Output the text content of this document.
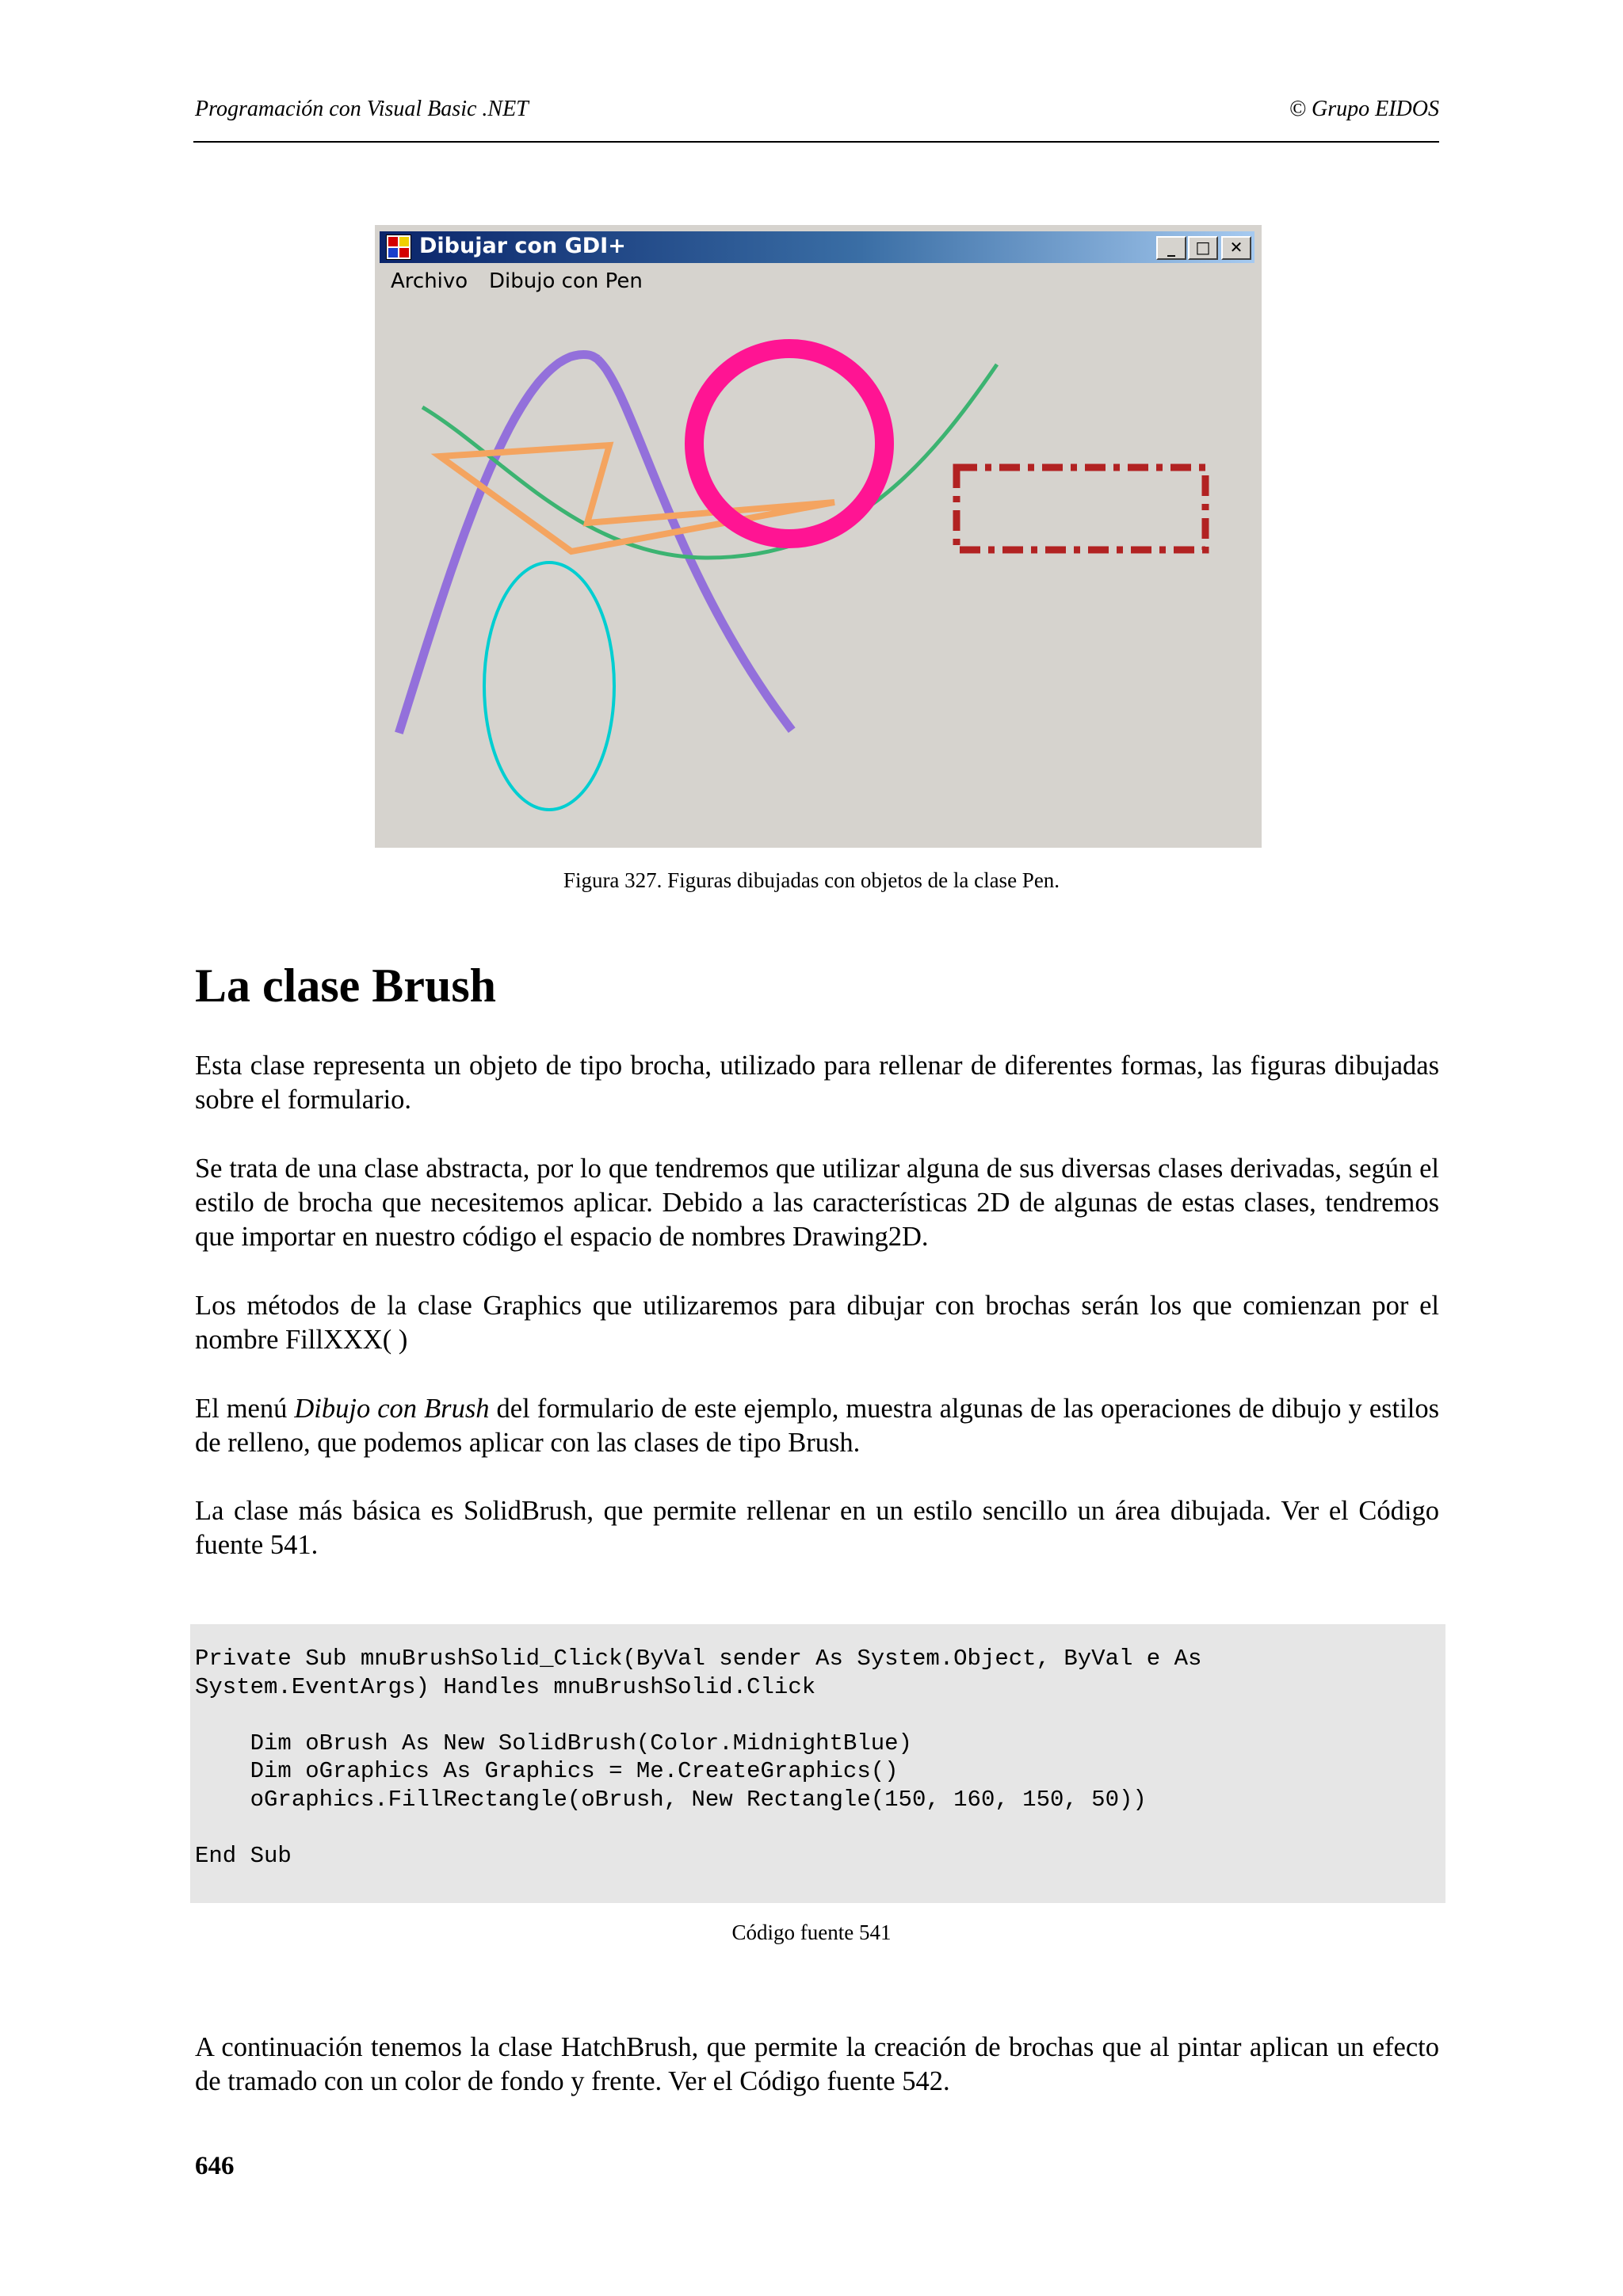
Programación con Visual Basic .NET	© Grupo EIDOS
Dibujar con GDI+	_	□	✕
Archivo Dibujo con Pen
Figura 327. Figuras dibujadas con objetos de la clase Pen.
La clase Brush

Esta clase representa un objeto de tipo brocha, utilizado para rellenar de diferentes formas, las figuras dibujadas sobre el formulario.

Se trata de una clase abstracta, por lo que tendremos que utilizar alguna de sus diversas clases derivadas, según el estilo de brocha que necesitemos aplicar. Debido a las características 2D de algunas de estas clases, tendremos que importar en nuestro código el espacio de nombres Drawing2D.

Los métodos de la clase Graphics que utilizaremos para dibujar con brochas serán los que comienzan por el nombre FillXXX( )

El menú Dibujo con Brush del formulario de este ejemplo, muestra algunas de las operaciones de dibujo y estilos de relleno, que podemos aplicar con las clases de tipo Brush.

La clase más básica es SolidBrush, que permite rellenar en un estilo sencillo un área dibujada. Ver el Código fuente 541.

Private Sub mnuBrushSolid_Click(ByVal sender As System.Object, ByVal e As
System.EventArgs) Handles mnuBrushSolid.Click

Dim oBrush As New SolidBrush(Color.MidnightBlue)
Dim oGraphics As Graphics = Me.CreateGraphics()
oGraphics.FillRectangle(oBrush, New Rectangle(150, 160, 150, 50))

End Sub
Código fuente 541

A continuación tenemos la clase HatchBrush, que permite la creación de brochas que al pintar aplican un efecto de tramado con un color de fondo y frente. Ver el Código fuente 542.

646
